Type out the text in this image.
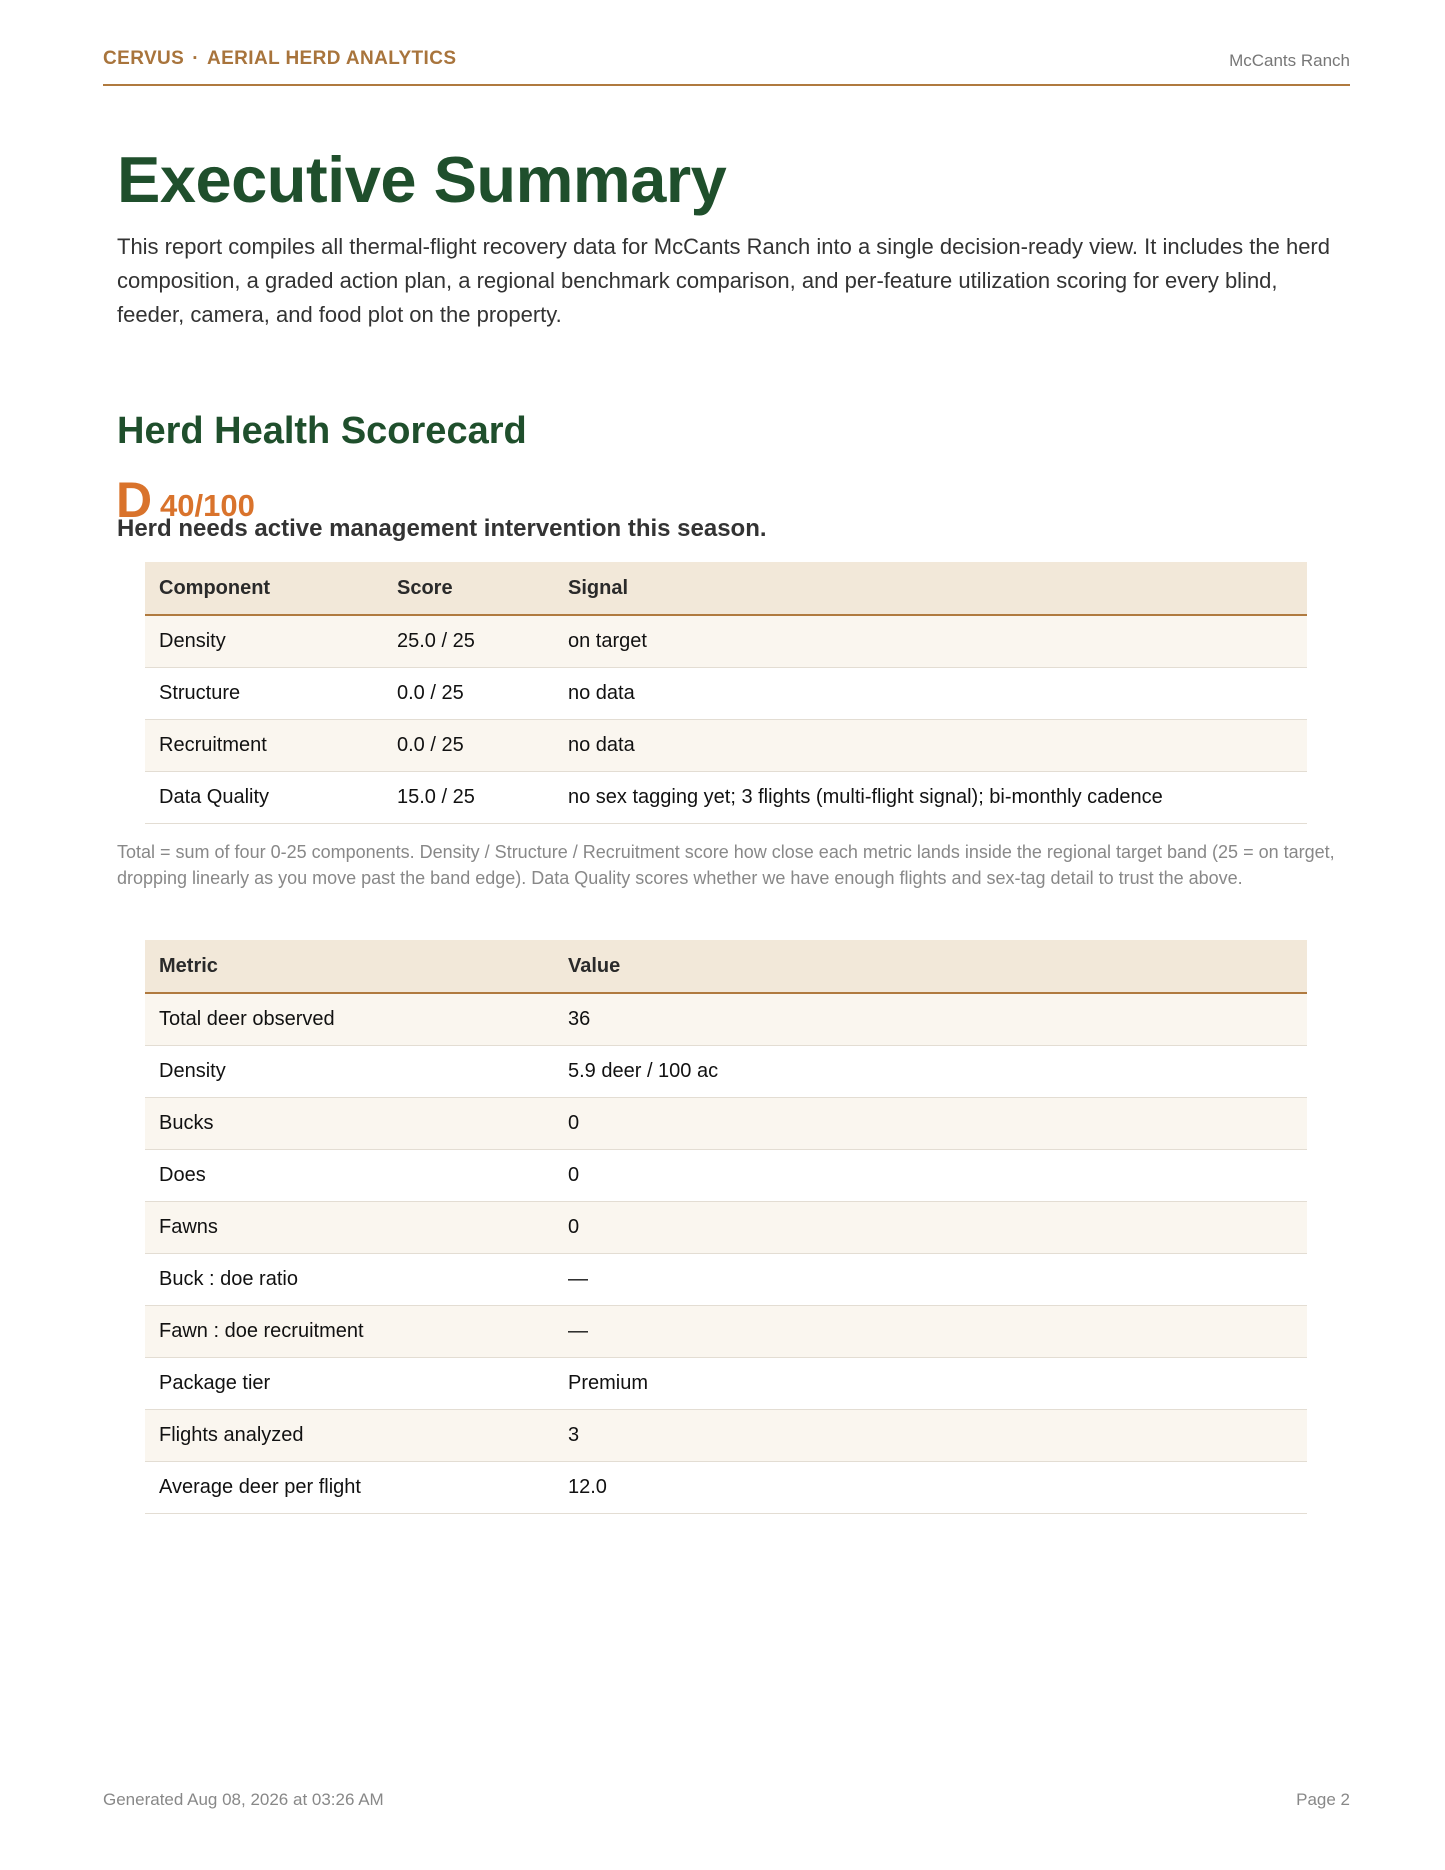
CERVUS · AERIAL HERD ANALYTICS	McCants Ranch
Executive Summary

This report compiles all thermal-flight recovery data for McCants Ranch into a single decision-ready view. It includes the herd composition, a graded action plan, a regional benchmark comparison, and per-feature utilization scoring for every blind, feeder, camera, and food plot on the property.

Herd Health Scorecard
D 40/100
Herd needs active management intervention this season.
Component	Score	Signal
Density	25.0 / 25	on target
Structure	0.0 / 25	no data
Recruitment	0.0 / 25	no data
Data Quality	15.0 / 25	no sex tagging yet; 3 flights (multi-flight signal); bi-monthly cadence

Total = sum of four 0-25 components. Density / Structure / Recruitment score how close each metric lands inside the regional target band (25 = on target, dropping linearly as you move past the band edge). Data Quality scores whether we have enough flights and sex-tag detail to trust the above.

Metric	Value
Total deer observed	36
Density	5.9 deer / 100 ac
Bucks	0
Does	0
Fawns	0
Buck : doe ratio	—
Fawn : doe recruitment	—
Package tier	Premium
Flights analyzed	3
Average deer per flight	12.0
Generated Aug 08, 2026 at 03:26 AM	Page 2
